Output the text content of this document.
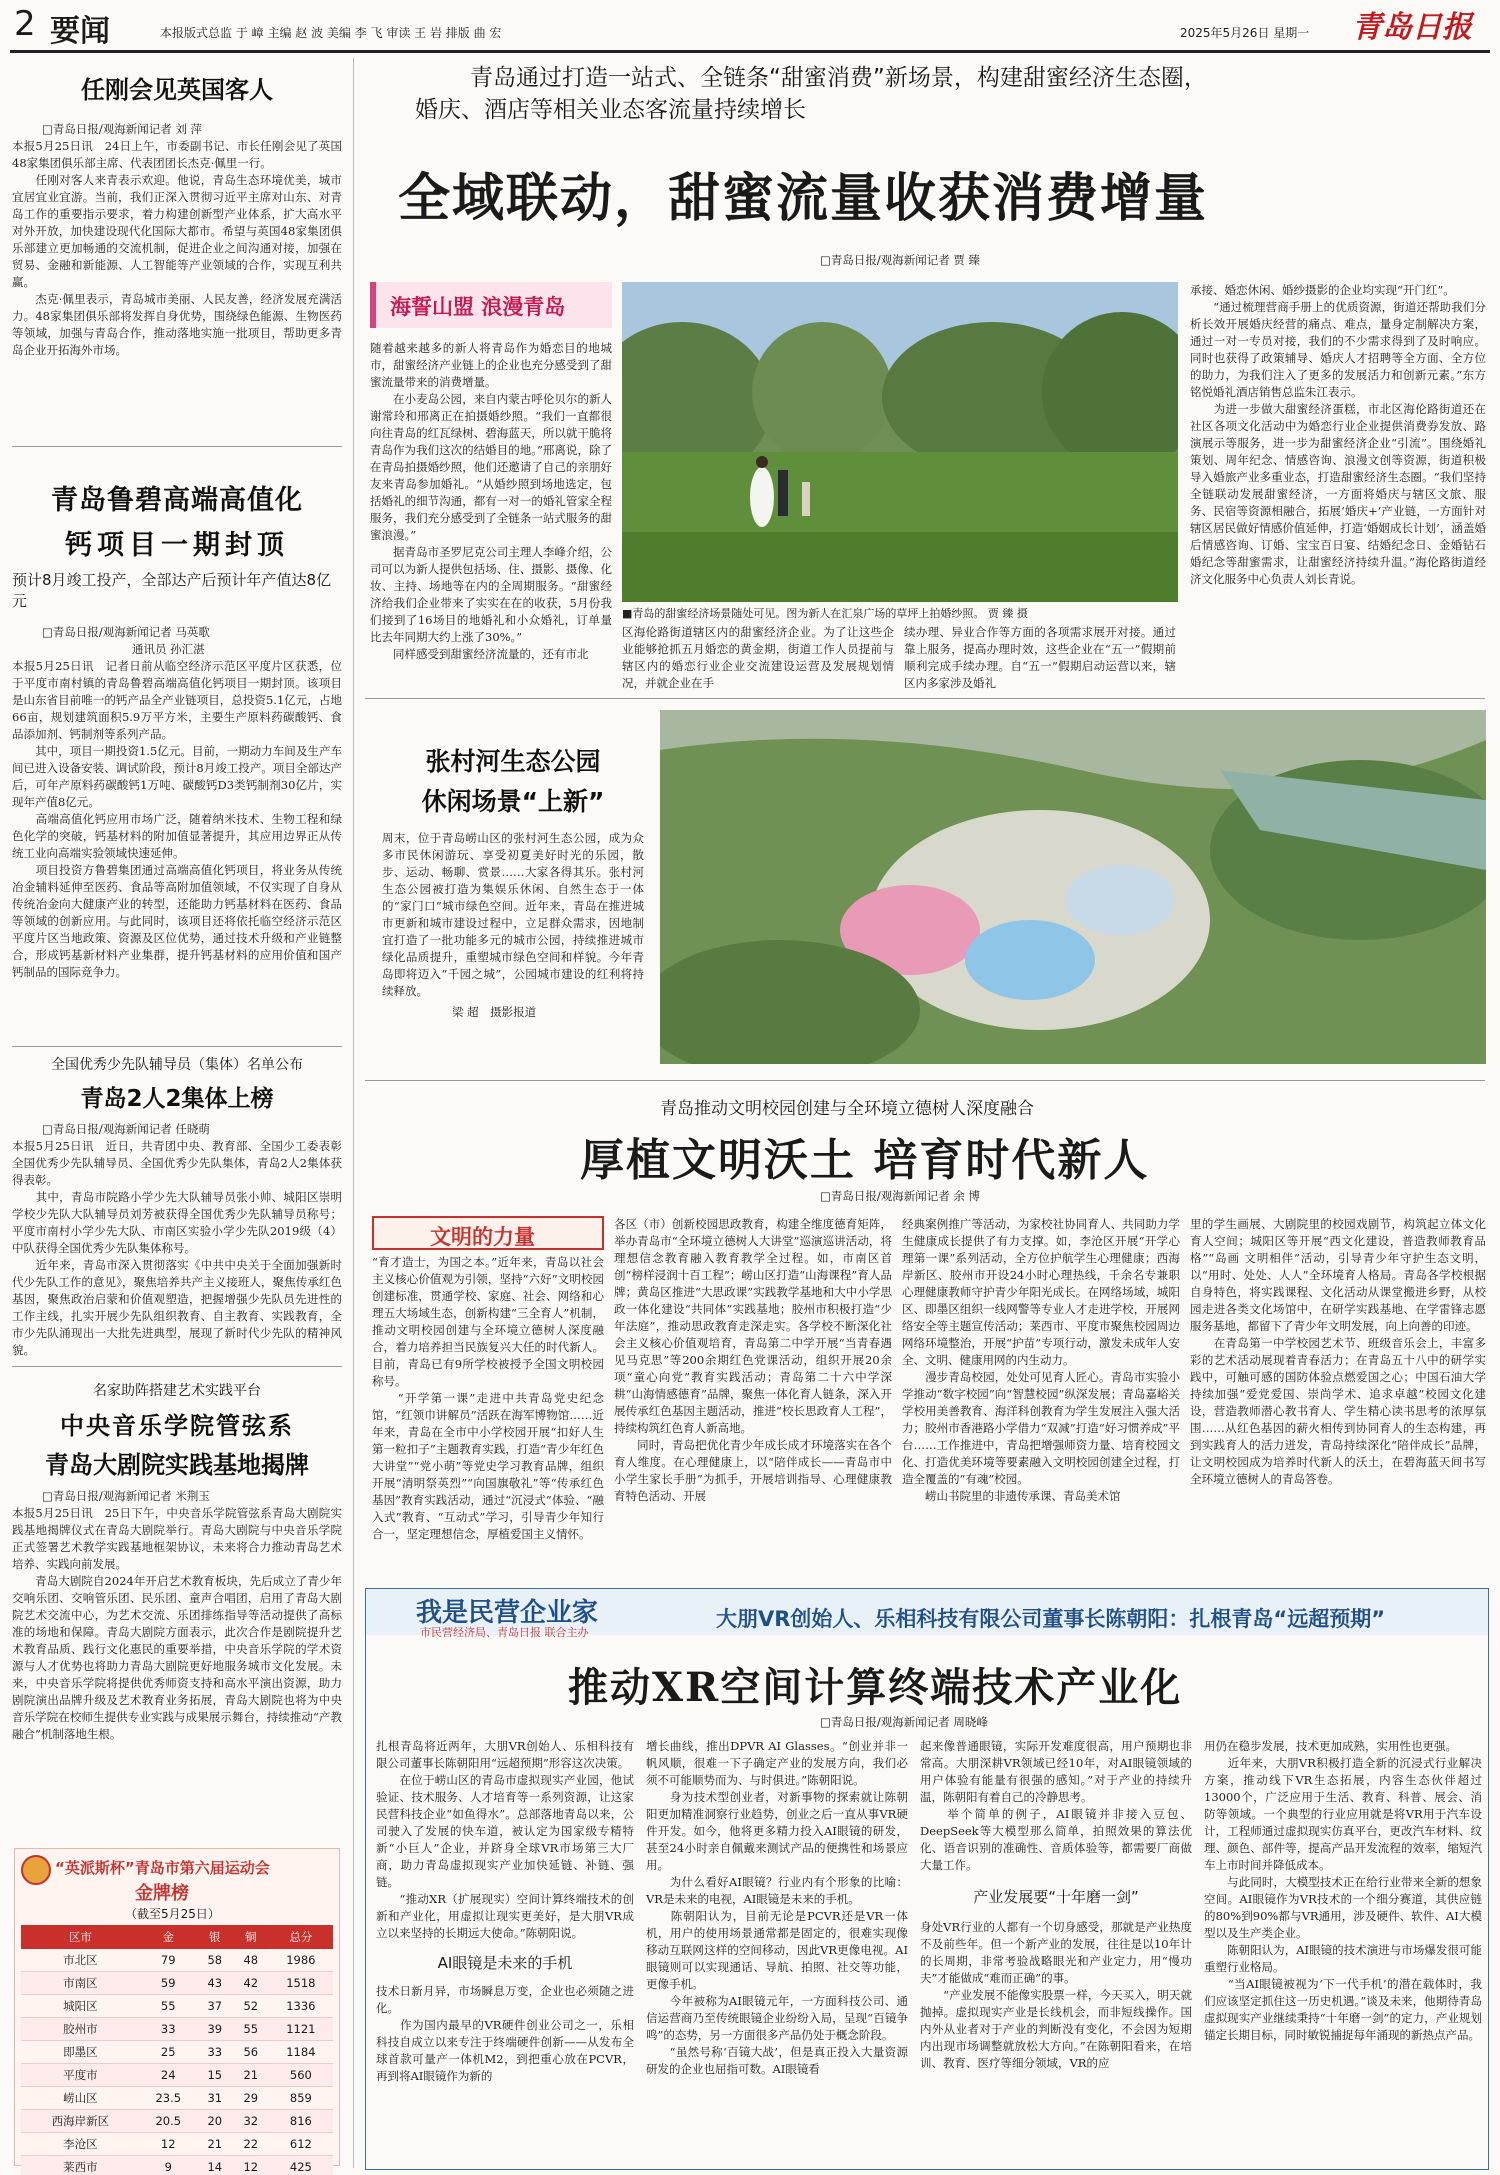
2 要闻	本报版式总监 于 嶂 主编 赵 波 美编 李 飞 审读 王 岩 排版 曲 宏	2025年5月26日 星期一 青岛日报
任刚会见英国客人
□青岛日报/观海新闻记者 刘 萍
本报5月25日讯　24日上午，市委副书记、市长任刚会见了英国48家集团俱乐部主席、代表团团长杰克·佩里一行。
　　任刚对客人来青表示欢迎。他说，青岛生态环境优美，城市宜居宜业宜游。当前，我们正深入贯彻习近平主席对山东、对青岛工作的重要指示要求，着力构建创新型产业体系，扩大高水平对外开放，加快建设现代化国际大都市。希望与英国48家集团俱乐部建立更加畅通的交流机制，促进企业之间沟通对接，加强在贸易、金融和新能源、人工智能等产业领域的合作，实现互利共赢。
　　杰克·佩里表示，青岛城市美丽、人民友善，经济发展充满活力。48家集团俱乐部将发挥自身优势，围绕绿色能源、生物医药等领域，加强与青岛合作，推动落地实施一批项目，帮助更多青岛企业开拓海外市场。
青岛鲁碧高端高值化
钙项目一期封顶
预计8月竣工投产，全部达产后预计年产值达8亿元
□青岛日报/观海新闻记者 马英歌
通讯员 孙汇湛
本报5月25日讯　记者日前从临空经济示范区平度片区获悉，位于平度市南村镇的青岛鲁碧高端高值化钙项目一期封顶。该项目是山东省目前唯一的钙产品全产业链项目，总投资5.1亿元，占地66亩，规划建筑面积5.9万平方米，主要生产原料药碳酸钙、食品添加剂、钙制剂等系列产品。
　　其中，项目一期投资1.5亿元。目前，一期动力车间及生产车间已进入设备安装、调试阶段，预计8月竣工投产。项目全部达产后，可年产原料药碳酸钙1万吨、碳酸钙D3类钙制剂30亿片，实现年产值8亿元。
　　高端高值化钙应用市场广泛，随着纳米技术、生物工程和绿色化学的突破，钙基材料的附加值显著提升，其应用边界正从传统工业向高端实验领域快速延伸。
　　项目投资方鲁碧集团通过高端高值化钙项目，将业务从传统冶金辅料延伸至医药、食品等高附加值领域，不仅实现了自身从传统冶金向大健康产业的转型，还能助力钙基材料在医药、食品等领域的创新应用。与此同时，该项目还将依托临空经济示范区平度片区当地政策、资源及区位优势，通过技术升级和产业链整合，形成钙基新材料产业集群，提升钙基材料的应用价值和国产钙制品的国际竞争力。
全国优秀少先队辅导员（集体）名单公布
青岛2人2集体上榜
□青岛日报/观海新闻记者 任晓萌
本报5月25日讯　近日，共青团中央、教育部、全国少工委表彰全国优秀少先队辅导员、全国优秀少先队集体，青岛2人2集体获得表彰。
　　其中，青岛市院路小学少先大队辅导员张小帅、城阳区崇明学校少先队大队辅导员刘芳被获得全国优秀少先队辅导员称号；平度市南村小学少先大队、市南区实验小学少先队2019级（4）中队获得全国优秀少先队集体称号。
　　近年来，青岛市深入贯彻落实《中共中央关于全面加强新时代少先队工作的意见》，聚焦培养共产主义接班人，聚焦传承红色基因，聚焦政治启蒙和价值观塑造，把握增强少先队员先进性的工作主线，扎实开展少先队组织教育、自主教育、实践教育，全市少先队涌现出一大批先进典型，展现了新时代少先队的精神风貌。
名家助阵搭建艺术实践平台
中央音乐学院管弦系
青岛大剧院实践基地揭牌
□青岛日报/观海新闻记者 米荆玉
本报5月25日讯　25日下午，中央音乐学院管弦系青岛大剧院实践基地揭牌仪式在青岛大剧院举行。青岛大剧院与中央音乐学院正式签署艺术教学实践基地框架协议，未来将合力推动青岛艺术培养、实践向前发展。
　　青岛大剧院自2024年开启艺术教育板块，先后成立了青少年交响乐团、交响管乐团、民乐团、童声合唱团，启用了青岛大剧院艺术交流中心，为艺术交流、乐团排练指导等活动提供了高标准的场地和保障。青岛大剧院方面表示，此次合作是剧院提升艺术教育品质、践行文化惠民的重要举措，中央音乐学院的学术资源与人才优势也将助力青岛大剧院更好地服务城市文化发展。未来，中央音乐学院将提供优秀师资支持和高水平演出资源，助力剧院演出品牌升级及艺术教育业务拓展，青岛大剧院也将为中央音乐学院在校师生提供专业实践与成果展示舞台，持续推动“产教融合”机制落地生根。
“英派斯杯”青岛市第六届运动会
金牌榜
（截至5月25日）
区市	金	银	铜	总分
市北区	79	58	48	1986
市南区	59	43	42	1518
城阳区	55	37	52	1336
胶州市	33	39	55	1121
即墨区	25	33	56	1184
平度市	24	15	21	560
崂山区	23.5	31	29	859
西海岸新区	20.5	20	32	816
李沧区	12	21	22	612
莱西市	9	14	12	425
青岛通过打造一站式、全链条“甜蜜消费”新场景，构建甜蜜经济生态圈，
婚庆、酒店等相关业态客流量持续增长
全域联动，甜蜜流量收获消费增量
□青岛日报/观海新闻记者 贾 臻
海誓山盟 浪漫青岛
随着越来越多的新人将青岛作为婚恋目的地城市，甜蜜经济产业链上的企业也充分感受到了甜蜜流量带来的消费增量。
　　在小麦岛公园，来自内蒙古呼伦贝尔的新人谢常玲和邢离正在拍摄婚纱照。“我们一直都很向往青岛的红瓦绿树、碧海蓝天，所以就干脆将青岛作为我们这次的结婚目的地。”邢离说，除了在青岛拍摄婚纱照，他们还邀请了自己的亲朋好友来青岛参加婚礼。“从婚纱照到场地选定，包括婚礼的细节沟通，都有一对一的婚礼管家全程服务，我们充分感受到了全链条一站式服务的甜蜜浪漫。”
　　据青岛市圣罗尼克公司主理人李峰介绍，公司可以为新人提供包括场、住、摄影、摄像、化妆、主持、场地等在内的全周期服务。“甜蜜经济给我们企业带来了实实在在的收获，5月份我们接到了16场目的地婚礼和小众婚礼，订单量比去年同期大约上涨了30%。”
　　同样感受到甜蜜经济流量的，还有市北
■青岛的甜蜜经济场景随处可见。图为新人在汇泉广场的草坪上拍婚纱照。 贾 臻 摄
区海伦路街道辖区内的甜蜜经济企业。为了让这些企业能够抢抓五月婚恋的黄金期，街道工作人员提前与辖区内的婚恋行业企业交流建设运营及发展规划情况，并就企业在手
续办理、异业合作等方面的各项需求展开对接。通过靠上服务，提高办理时效，这些企业在“五一”假期前顺利完成手续办理。自“五一”假期启动运营以来，辖区内多家涉及婚礼
承接、婚恋休闲、婚纱摄影的企业均实现“开门红”。
　　“通过梳理营商手册上的优质资源，街道还帮助我们分析长效开展婚庆经营的痛点、难点，量身定制解决方案，通过一对一专员对接，我们的不少需求得到了及时响应。同时也获得了政策辅导、婚庆人才招聘等全方面、全方位的助力，为我们注入了更多的发展活力和创新元素。”东方铭悦婚礼酒店销售总监朱江表示。
　　为进一步做大甜蜜经济蛋糕，市北区海伦路街道还在社区各项文化活动中为婚恋行业企业提供消费券发放、路演展示等服务，进一步为甜蜜经济企业“引流”。围绕婚礼策划、周年纪念、情感咨询、浪漫文创等资源，街道积极导入婚旅产业多重业态，打造甜蜜经济生态圈。“我们坚持全链联动发展甜蜜经济，一方面将婚庆与辖区文旅、服务、民宿等资源相融合，拓展‘婚庆+’产业链，一方面针对辖区居民做好情感价值延伸，打造‘婚姻成长计划’，涵盖婚后情感咨询、订婚、宝宝百日宴、结婚纪念日、金婚钻石婚纪念等甜蜜需求，让甜蜜经济持续升温。”海伦路街道经济文化服务中心负责人刘长青说。
张村河生态公园
休闲场景“上新”
周末，位于青岛崂山区的张村河生态公园，成为众多市民休闲游玩、享受初夏美好时光的乐园，散步、运动、畅聊、赏景……大家各得其乐。张村河生态公园被打造为集娱乐休闲、自然生态于一体的“家门口”城市绿色空间。近年来，青岛在推进城市更新和城市建设过程中，立足群众需求，因地制宜打造了一批功能多元的城市公园，持续推进城市绿化品质提升，重塑城市绿色空间和样貌。今年青岛即将迈入“千园之城”，公园城市建设的红利将持续释放。
梁 超　摄影报道
青岛推动文明校园创建与全环境立德树人深度融合
厚植文明沃土 培育时代新人
□青岛日报/观海新闻记者 余 博
文明的力量
“育才造士，为国之本。”近年来，青岛以社会主义核心价值观为引领，坚持“六好”文明校园创建标准，贯通学校、家庭、社会、网络和心理五大场域生态，创新构建“三全育人”机制，推动文明校园创建与全环境立德树人深度融合，着力培养担当民族复兴大任的时代新人。目前，青岛已有9所学校被授予全国文明校园称号。
　　“开学第一课”走进中共青岛党史纪念馆，“红领巾讲解员”活跃在海军博物馆……近年来，青岛在全市中小学校园开展“扣好人生第一粒扣子”主题教育实践，打造“青少年红色大讲堂”“党小萌”等党史学习教育品牌，组织开展“清明祭英烈”“向国旗敬礼”等“传承红色基因”教育实践活动，通过“沉浸式”体验、“融入式”教育、“互动式”学习，引导青少年知行合一，坚定理想信念，厚植爱国主义情怀。
各区（市）创新校园思政教育，构建全维度德育矩阵，举办青岛市“全环境立德树人大讲堂”巡演巡讲活动，将理想信念教育融入教育教学全过程。如，市南区首创“榜样浸润十百工程”；崂山区打造“山海课程”育人品牌；黄岛区推进“大思政课”实践教学基地和大中小学思政一体化建设“共同体”实践基地；胶州市积极打造“少年法庭”，推动思政教育走深走实。各学校不断深化社会主义核心价值观培育，青岛第二中学开展“当青春遇见马克思”等200余期红色党课活动，组织开展20余项“童心向党”教育实践活动；青岛第二十六中学深耕“山海情感德育”品牌，聚焦一体化育人链条，深入开展传承红色基因主题活动，推进“校长思政育人工程”，持续构筑红色育人新高地。
　　同时，青岛把优化青少年成长成才环境落实在各个育人维度。在心理健康上，以“陪伴成长——青岛市中小学生家长手册”为抓手，开展培训指导、心理健康教育特色活动、开展
经典案例推广等活动，为家校社协同育人、共同助力学生健康成长提供了有力支撑。如，李沧区开展“开学心理第一课”系列活动，全方位护航学生心理健康；西海岸新区、胶州市开设24小时心理热线，千余名专兼职心理健康教师守护青少年阳光成长。在网络场域，城阳区、即墨区组织一线网警等专业人才走进学校，开展网络安全等主题宣传活动；莱西市、平度市聚焦校园周边网络环境整治，开展“护苗”专项行动，激发未成年人安全、文明、健康用网的内生动力。
　　漫步青岛校园，处处可见育人匠心。青岛市实验小学推动“数字校园”向“智慧校园”纵深发展；青岛嘉峪关学校用美善教育、海洋科创教育为学生发展注入强大活力；胶州市香港路小学借力“双减”打造“好习惯养成”平台……工作推进中，青岛把增强师资力量、培育校园文化、打造优美环境等要素融入文明校园创建全过程，打造全覆盖的“有魂”校园。
　　崂山书院里的非遗传承课、青岛美术馆
里的学生画展、大剧院里的校园戏剧节，构筑起立体文化育人空间；城阳区等开展“西文化建设，普造教师教育品格”“岛画 文明相伴”活动，引导青少年守护生态文明，以“用时、处处、人人”全环境育人格局。青岛各学校根据自身特色，将实践课程、文化活动从课堂搬进乡野，从校园走进各类文化场馆中，在研学实践基地、在学雷锋志愿服务基地，都留下了青少年文明发展，向上向善的印迹。
　　在青岛第一中学校园艺术节、班级音乐会上，丰富多彩的艺术活动展现着青春活力；在青岛五十八中的研学实践中，可触可感的国防体验点燃爱国之心；中国石油大学持续加强“爱党爱国、崇尚学术、追求卓越”校园文化建设，营造教师潜心教书育人、学生精心读书思考的浓厚氛围……从红色基因的薪火相传到协同育人的生态构建，再到实践育人的活力迸发，青岛持续深化“陪伴成长”品牌，让文明校园成为培养时代新人的沃土，在碧海蓝天间书写全环境立德树人的青岛答卷。
我是民营企业家
市民营经济局、青岛日报 联合主办
大朋VR创始人、乐相科技有限公司董事长陈朝阳：扎根青岛“远超预期”
推动XR空间计算终端技术产业化
□青岛日报/观海新闻记者 周晓峰
扎根青岛将近两年，大朋VR创始人、乐相科技有限公司董事长陈朝阳用“远超预期”形容这次决策。
　　在位于崂山区的青岛市虚拟现实产业园，他试验证、技术服务、人才培育等一系列资源，让这家民营科技企业“如鱼得水”。总部落地青岛以来，公司驶入了发展的快车道，被认定为国家级专精特新“小巨人”企业，并跻身全球VR市场第三大厂商，助力青岛虚拟现实产业加快延链、补链、强链。
　　“推动XR（扩展现实）空间计算终端技术的创新和产业化，用虚拟让现实更美好，是大朋VR成立以来坚持的长期远大使命。”陈朝阳说。
AI眼镜是未来的手机
技术日新月异，市场瞬息万变，企业也必须随之进化。
　　作为国内最早的VR硬件创业公司之一，乐相科技自成立以来专注于终端硬件创新——从发布全球首款可量产一体机M2，到把重心放在PCVR，再到将AI眼镜作为新的
增长曲线，推出DPVR AI Glasses。“创业并非一帆风顺，很难一下子确定产业的发展方向，我们必须不可能顺势而为、与时俱进。”陈朝阳说。
　　身为技术型创业者，对新事物的探索就让陈朝阳更加精准洞察行业趋势，创业之后一直从事VR硬件开发。如今，他将更多精力投入AI眼镜的研发，甚至24小时亲自佩戴来测试产品的便携性和场景应用。
　　为什么看好AI眼镜？行业内有个形象的比喻：VR是未来的电视，AI眼镜是未来的手机。
　　陈朝阳认为，目前无论是PCVR还是VR一体机，用户的使用场景通常都是固定的，很难实现像移动互联网这样的空间移动，因此VR更像电视。AI眼镜则可以实现通话、导航、拍照、社交等功能，更像手机。
　　今年被称为AI眼镜元年，一方面科技公司、通信运营商乃至传统眼镜企业纷纷入局，呈现“百镜争鸣”的态势，另一方面很多产品仍处于概念阶段。
　　“虽然号称‘百镜大战’，但是真正投入大量资源研发的企业也屈指可数。AI眼镜看
起来像普通眼镜，实际开发难度很高，用户预期也非常高。大朋深耕VR领域已经10年，对AI眼镜领域的用户体验有能量有很强的感知。”对于产业的持续升温，陈朝阳有着自己的冷静思考。
　　举个简单的例子，AI眼镜并非接入豆包、DeepSeek等大模型那么简单，拍照效果的算法优化、语音识别的准确性、音质体验等，都需要厂商做大量工作。
产业发展要“十年磨一剑”
身处VR行业的人都有一个切身感受，那就是产业热度不及前些年。但一个新产业的发展，往往是以10年计的长周期，非常考验战略眼光和产业定力，用“慢功夫”才能做成“难而正确”的事。
　　“产业发展不能像实股票一样，今天买入，明天就抛掉。虚拟现实产业是长线机会，而非短线操作。国内外从业者对于产业的判断没有变化，不会因为短期内出现市场调整就放松大方向。”在陈朝阳看来，在培训、教育、医疗等细分领域，VR的应
用仍在稳步发展，技术更加成熟，实用性也更强。
　　近年来，大朋VR积极打造全新的沉浸式行业解决方案，推动线下VR生态拓展，内容生态伙伴超过13000个，广泛应用于生活、教育、科普、展会、消防等领域。一个典型的行业应用就是将VR用于汽车设计，工程师通过虚拟现实仿真平台，更改汽车材料、纹理、颜色、部件等，提高产品开发流程的效率，缩短汽车上市时间并降低成本。
　　与此同时，大模型技术正在给行业带来全新的想象空间。AI眼镜作为VR技术的一个细分赛道，其供应链的80%到90%都与VR通用，涉及硬件、软件、AI大模型以及生产类企业。
　　陈朝阳认为，AI眼镜的技术演进与市场爆发很可能重塑行业格局。
　　“当AI眼镜被视为‘下一代手机’的潜在载体时，我们应该坚定抓住这一历史机遇。”谈及未来，他期待青岛虚拟现实产业继续秉持“十年磨一剑”的定力，产业规划锚定长期目标，同时敏锐捕捉每年涌现的新热点产品。
